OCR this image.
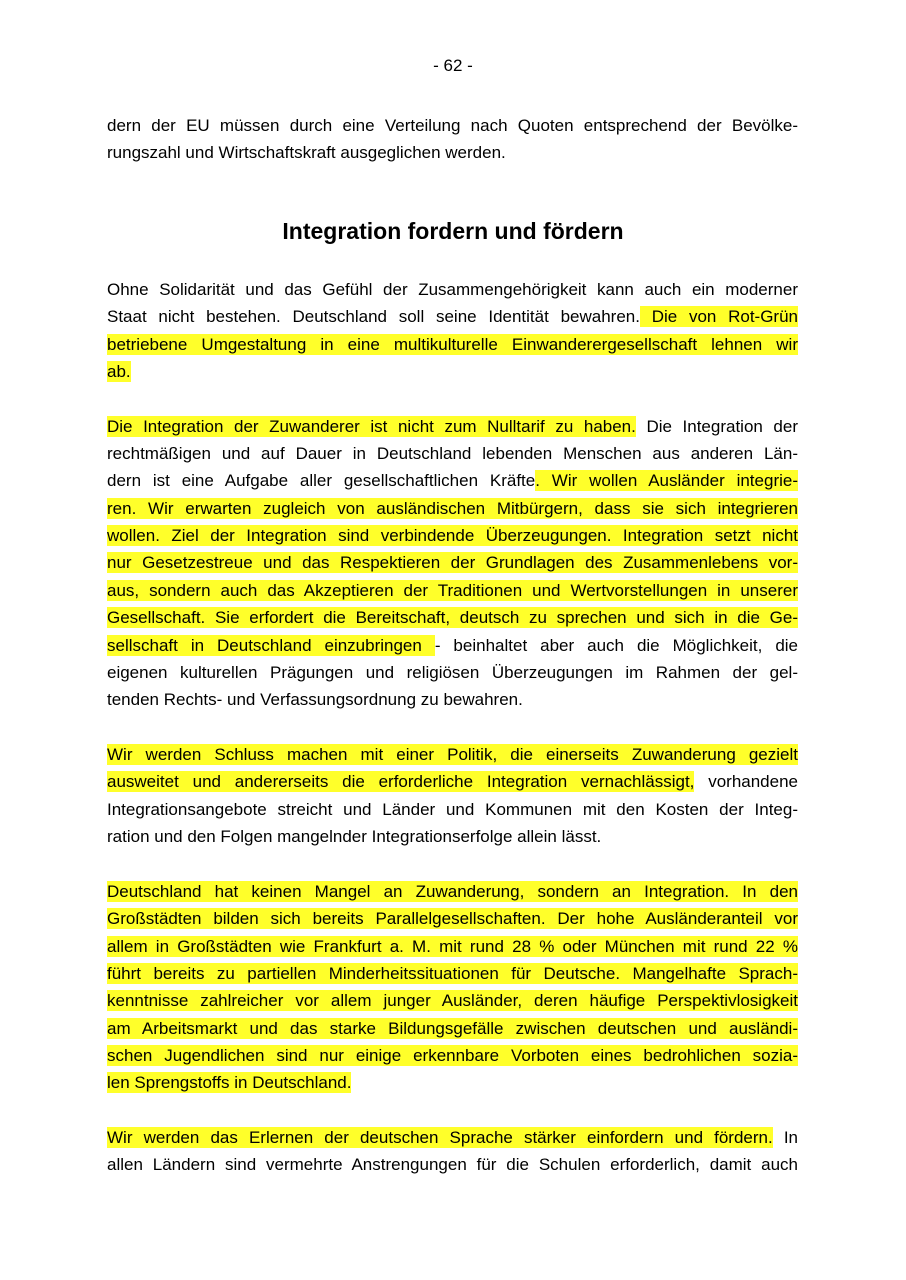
- 62 -
dern der EU müssen durch eine Verteilung nach Quoten entsprechend der Bevölke-
rungszahl und Wirtschaftskraft ausgeglichen werden.
Integration fordern und fördern
Ohne Solidarität und das Gefühl der Zusammengehörigkeit kann auch ein moderner
Staat nicht bestehen. Deutschland soll seine Identität bewahren. Die von Rot-Grün
betriebene Umgestaltung in eine multikulturelle Einwanderergesellschaft lehnen wir
ab.
Die Integration der Zuwanderer ist nicht zum Nulltarif zu haben. Die Integration der
rechtmäßigen und auf Dauer in Deutschland lebenden Menschen aus anderen Län-
dern ist eine Aufgabe aller gesellschaftlichen Kräfte. Wir wollen Ausländer integrie-
ren. Wir erwarten zugleich von ausländischen Mitbürgern, dass sie sich integrieren
wollen. Ziel der Integration sind verbindende Überzeugungen. Integration setzt nicht
nur Gesetzestreue und das Respektieren der Grundlagen des Zusammenlebens vor-
aus, sondern auch das Akzeptieren der Traditionen und Wertvorstellungen in unserer
Gesellschaft. Sie erfordert die Bereitschaft, deutsch zu sprechen und sich in die Ge-
sellschaft in Deutschland einzubringen - beinhaltet aber auch die Möglichkeit, die
eigenen kulturellen Prägungen und religiösen Überzeugungen im Rahmen der gel-
tenden Rechts- und Verfassungsordnung zu bewahren.
Wir werden Schluss machen mit einer Politik, die einerseits Zuwanderung gezielt
ausweitet und andererseits die erforderliche Integration vernachlässigt, vorhandene
Integrationsangebote streicht und Länder und Kommunen mit den Kosten der Integ-
ration und den Folgen mangelnder Integrationserfolge allein lässt.
Deutschland hat keinen Mangel an Zuwanderung, sondern an Integration. In den
Großstädten bilden sich bereits Parallelgesellschaften. Der hohe Ausländeranteil vor
allem in Großstädten wie Frankfurt a. M. mit rund 28 % oder München mit rund 22 %
führt bereits zu partiellen Minderheitssituationen für Deutsche. Mangelhafte Sprach-
kenntnisse zahlreicher vor allem junger Ausländer, deren häufige Perspektivlosigkeit
am Arbeitsmarkt und das starke Bildungsgefälle zwischen deutschen und ausländi-
schen Jugendlichen sind nur einige erkennbare Vorboten eines bedrohlichen sozia-
len Sprengstoffs in Deutschland.
Wir werden das Erlernen der deutschen Sprache stärker einfordern und fördern. In
allen Ländern sind vermehrte Anstrengungen für die Schulen erforderlich, damit auch
